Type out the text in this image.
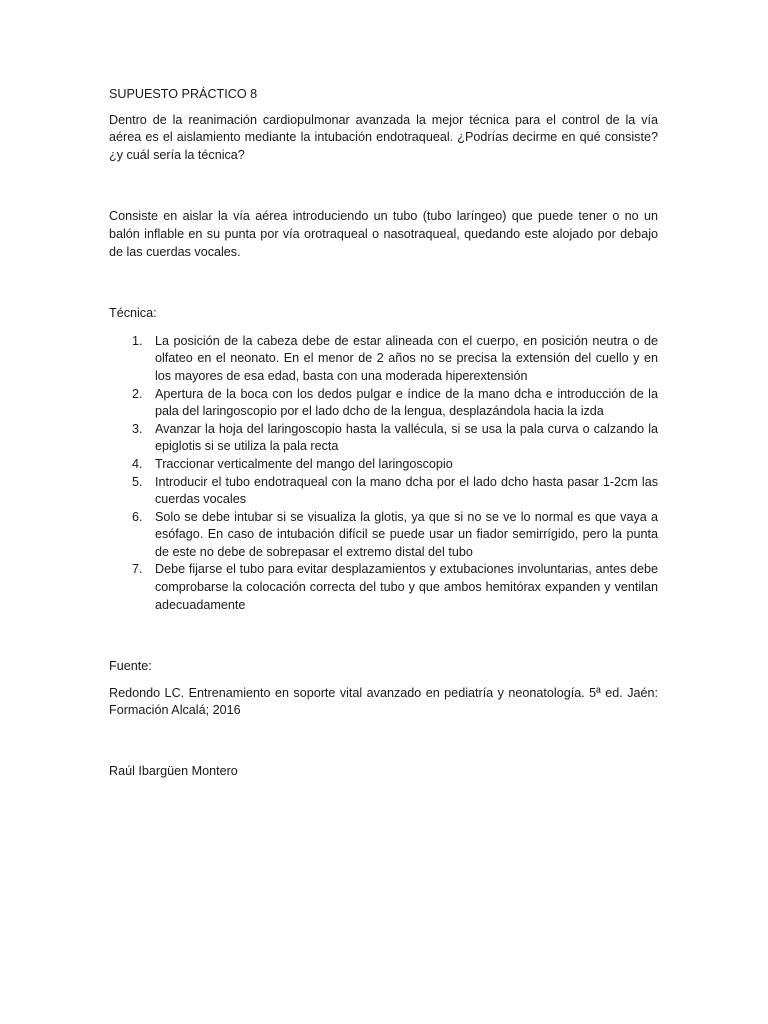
SUPUESTO PRÁCTICO 8

Dentro de la reanimación cardiopulmonar avanzada la mejor técnica para el control de la vía aérea es el aislamiento mediante la intubación endotraqueal. ¿Podrías decirme en qué consiste? ¿y cuál sería la técnica?

Consiste en aislar la vía aérea introduciendo un tubo (tubo laríngeo) que puede tener o no un balón inflable en su punta por vía orotraqueal o nasotraqueal, quedando este alojado por debajo de las cuerdas vocales.

Técnica:

1. La posición de la cabeza debe de estar alineada con el cuerpo, en posición neutra o de olfateo en el neonato. En el menor de 2 años no se precisa la extensión del cuello y en los mayores de esa edad, basta con una moderada hiperextensión
2. Apertura de la boca con los dedos pulgar e índice de la mano dcha e introducción de la pala del laringoscopio por el lado dcho de la lengua, desplazándola hacia la izda
3. Avanzar la hoja del laringoscopio hasta la vallécula, si se usa la pala curva o calzando la epiglotis si se utiliza la pala recta
4. Traccionar verticalmente del mango del laringoscopio
5. Introducir el tubo endotraqueal con la mano dcha por el lado dcho hasta pasar 1-2cm las cuerdas vocales
6. Solo se debe intubar si se visualiza la glotis, ya que si no se ve lo normal es que vaya a esófago. En caso de intubación difícil se puede usar un fiador semirrígido, pero la punta de este no debe de sobrepasar el extremo distal del tubo
7. Debe fijarse el tubo para evitar desplazamientos y extubaciones involuntarias, antes debe comprobarse la colocación correcta del tubo y que ambos hemitórax expanden y ventilan adecuadamente

Fuente:

Redondo LC. Entrenamiento en soporte vital avanzado en pediatría y neonatología. 5ª ed. Jaén: Formación Alcalá; 2016

Raúl Ibargüen Montero
